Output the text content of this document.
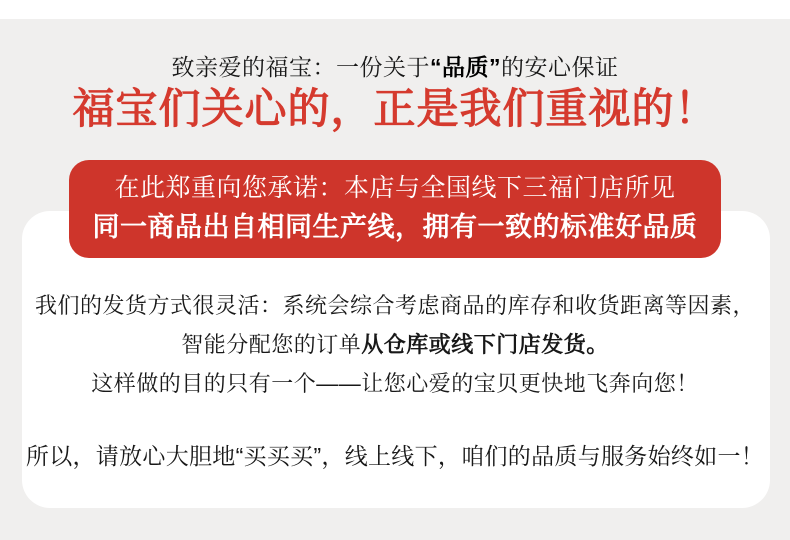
致亲爱的福宝：一份关于“品质”的安心保证

福宝们关心的，正是我们重视的！

在此郑重向您承诺：本店与全国线下三福门店所见

同一商品出自相同生产线，拥有一致的标准好品质

我们的发货方式很灵活：系统会综合考虑商品的库存和收货距离等因素，

智能分配您的订单从仓库或线下门店发货。

这样做的目的只有一个——让您心爱的宝贝更快地飞奔向您！

所以，请放心大胆地“买买买”，线上线下，咱们的品质与服务始终如一！
